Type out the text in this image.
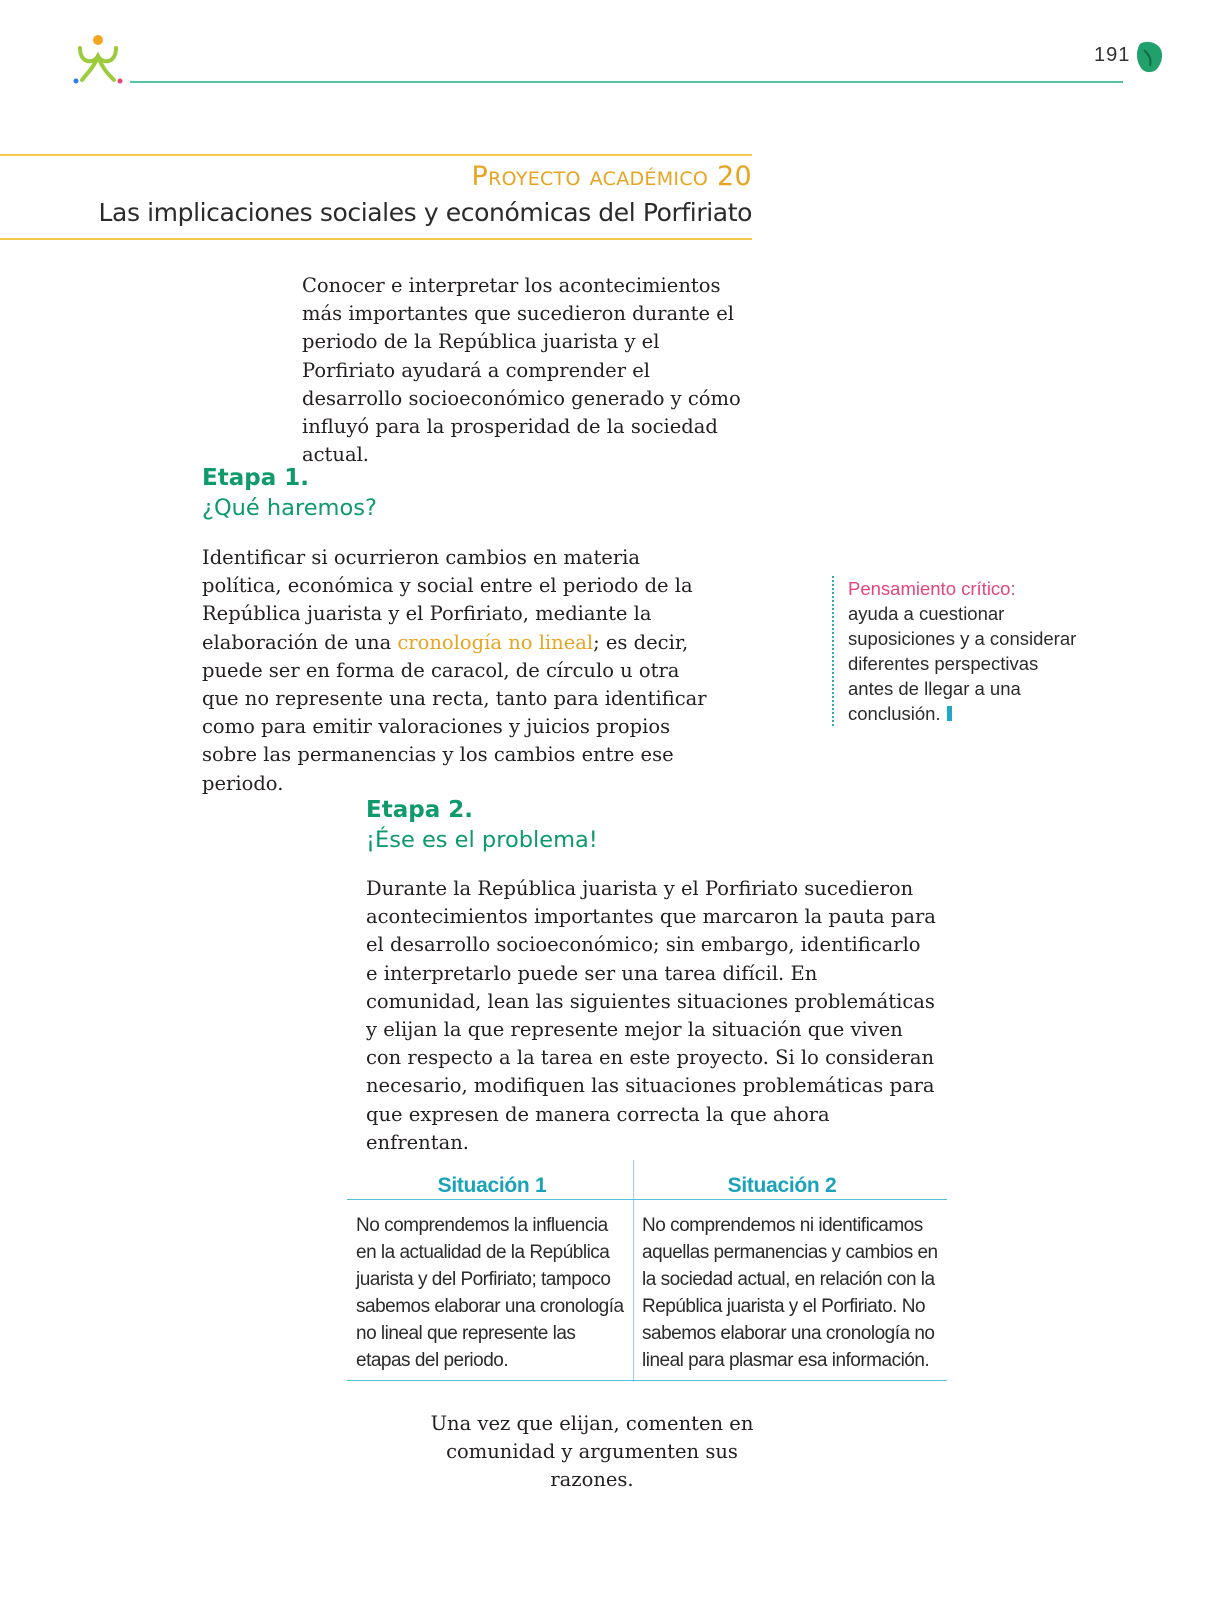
191
Proyecto académico 20
Las implicaciones sociales y económicas del Porfiriato

Conocer e interpretar los acontecimientos más importantes que sucedieron durante el periodo de la República juarista y el Porfiriato ayudará a comprender el desarrollo socioeconómico generado y cómo influyó para la prosperidad de la sociedad actual.

Etapa 1.
¿Qué haremos?

Identificar si ocurrieron cambios en materia política, económica y social entre el periodo de la República juarista y el Porfiriato, mediante la elaboración de una cronología no lineal; es decir, puede ser en forma de caracol, de círculo u otra que no represente una recta, tanto para identificar como para emitir valoraciones y juicios propios sobre las permanencias y los cambios entre ese periodo.

Pensamiento crítico:
ayuda a cuestionar suposiciones y a considerar diferentes perspectivas antes de llegar a una conclusión.
Etapa 2.
¡Ése es el problema!

Durante la República juarista y el Porfiriato sucedieron acontecimientos importantes que marcaron la pauta para el desarrollo socioeconómico; sin embargo, identificarlo e interpretarlo puede ser una tarea difícil. En comunidad, lean las siguientes situaciones problemáticas y elijan la que represente mejor la situación que viven con respecto a la tarea en este proyecto. Si lo consideran necesario, modifiquen las situaciones problemáticas para que expresen de manera correcta la que ahora enfrentan.

Situación 1	Situación 2
No comprendemos la influencia en la actualidad de la República juarista y del Porfiriato; tampoco sabemos elaborar una cronología no lineal que represente las etapas del periodo.
No comprendemos ni identificamos aquellas permanencias y cambios en la sociedad actual, en relación con la República juarista y el Porfiriato. No sabemos elaborar una cronología no lineal para plasmar esa información.

Una vez que elijan, comenten en comunidad y argumenten sus razones.
